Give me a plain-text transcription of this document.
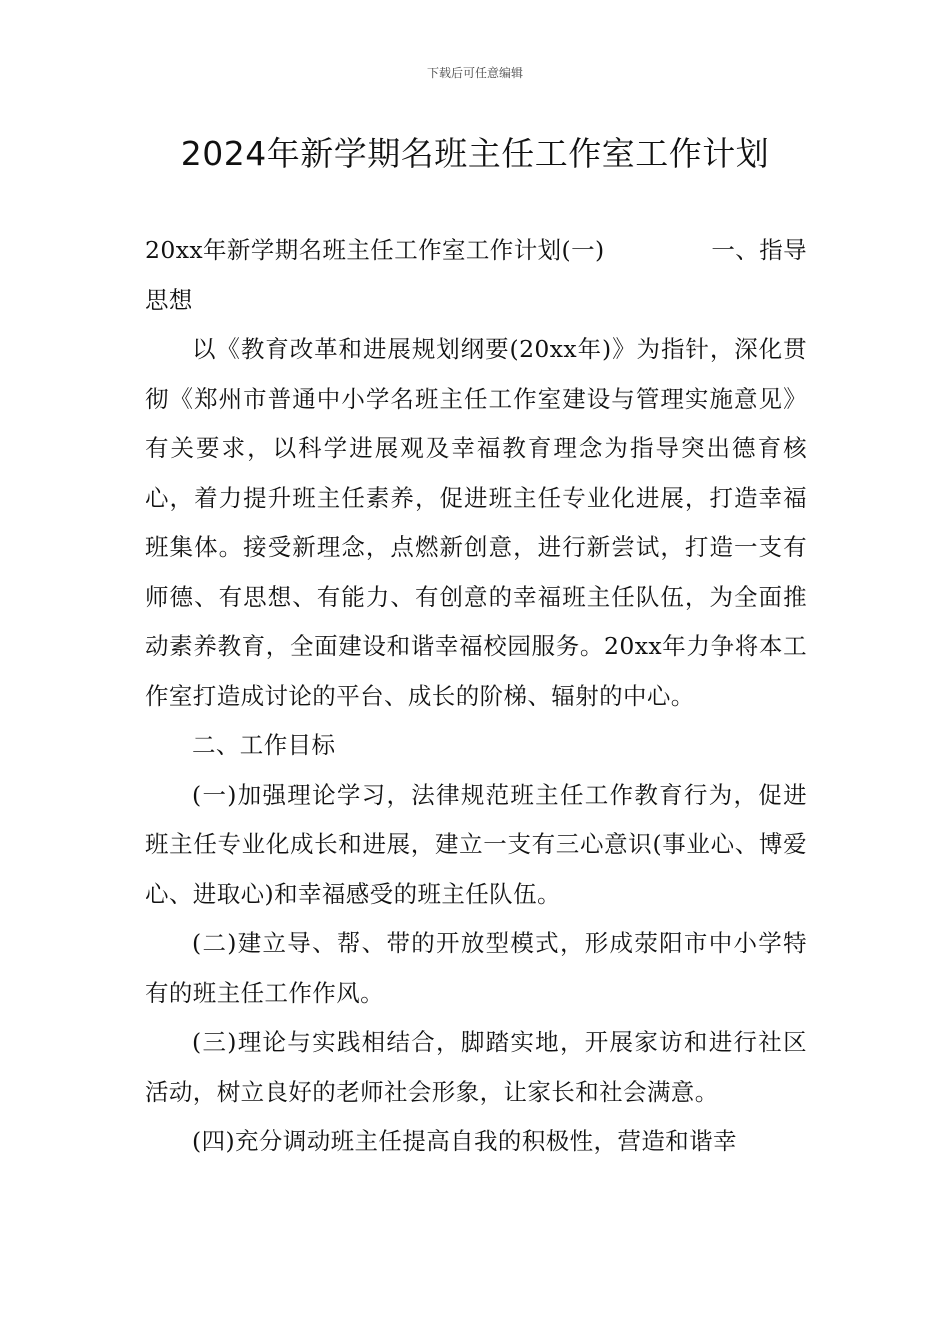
下载后可任意编辑
2024年新学期名班主任工作室工作计划

20xx年新学期名班主任工作室工作计划(一)	一、指导

思想

以《教育改革和进展规划纲要(20xx年)》为指针，深化贯彻《郑州市普通中小学名班主任工作室建设与管理实施意见》有关要求，以科学进展观及幸福教育理念为指导突出德育核心，着力提升班主任素养，促进班主任专业化进展，打造幸福班集体。接受新理念，点燃新创意，进行新尝试，打造一支有师德、有思想、有能力、有创意的幸福班主任队伍，为全面推动素养教育，全面建设和谐幸福校园服务。20xx年力争将本工作室打造成讨论的平台、成长的阶梯、辐射的中心。

二、工作目标

(一)加强理论学习，法律规范班主任工作教育行为，促进班主任专业化成长和进展，建立一支有三心意识(事业心、博爱心、进取心)和幸福感受的班主任队伍。

(二)建立导、帮、带的开放型模式，形成荥阳市中小学特有的班主任工作作风。

(三)理论与实践相结合，脚踏实地，开展家访和进行社区活动，树立良好的老师社会形象，让家长和社会满意。

(四)充分调动班主任提高自我的积极性，营造和谐幸
